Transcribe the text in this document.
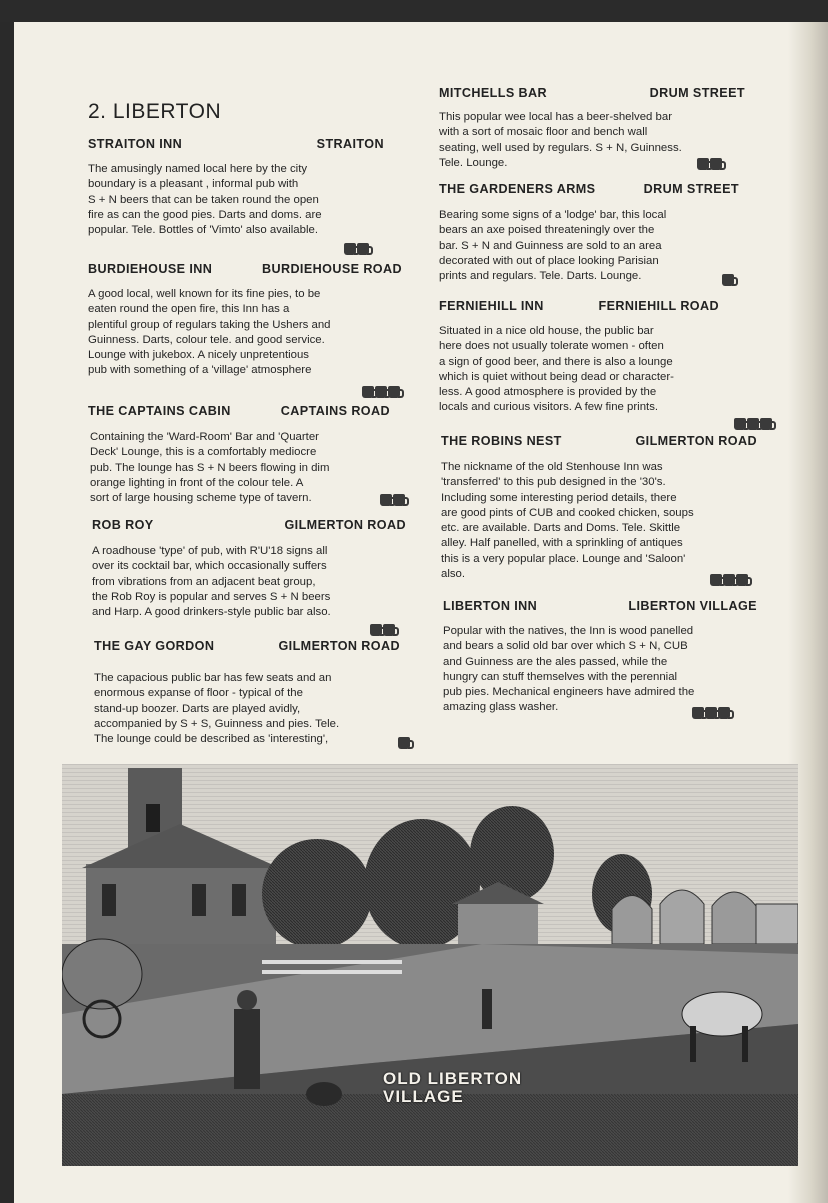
2. LIBERTON
STRAITON INN	STRAITON
The amusingly named local here by the city
boundary is a pleasant , informal pub with
S + N beers that can be taken round the open
fire as can the good pies. Darts and doms. are
popular. Tele. Bottles of 'Vimto' also available.
BURDIEHOUSE INN	BURDIEHOUSE ROAD
A good local, well known for its fine pies, to be
eaten round the open fire, this Inn has a
plentiful group of regulars taking the Ushers and
Guinness. Darts, colour tele. and good service.
Lounge with jukebox. A nicely unpretentious
pub with something of a 'village' atmosphere
THE CAPTAINS CABIN	CAPTAINS ROAD
Containing the 'Ward-Room' Bar and 'Quarter
Deck' Lounge, this is a comfortably mediocre
pub. The lounge has S + N beers flowing in dim
orange lighting in front of the colour tele. A
sort of large housing scheme type of tavern.
ROB ROY	GILMERTON ROAD
A roadhouse 'type' of pub, with R'U'18 signs all
over its cocktail bar, which occasionally suffers
from vibrations from an adjacent beat group,
the Rob Roy is popular and serves S + N beers
and Harp. A good drinkers-style public bar also.
THE GAY GORDON	GILMERTON ROAD
The capacious public bar has few seats and an
enormous expanse of floor - typical of the
stand-up boozer. Darts are played avidly,
accompanied by S + S, Guinness and pies. Tele.
The lounge could be described as 'interesting',
MITCHELLS BAR	DRUM STREET
This popular wee local has a beer-shelved bar
with a sort of mosaic floor and bench wall
seating, well used by regulars. S + N, Guinness.
Tele. Lounge.
THE GARDENERS ARMS	DRUM STREET
Bearing some signs of a 'lodge' bar, this local
bears an axe poised threateningly over the
bar. S + N and Guinness are sold to an area
decorated with out of place looking Parisian
prints and regulars. Tele. Darts. Lounge.
FERNIEHILL INN	FERNIEHILL ROAD
Situated in a nice old house, the public bar
here does not usually tolerate women - often
a sign of good beer, and there is also a lounge
which is quiet without being dead or character-
less. A good atmosphere is provided by the
locals and curious visitors. A few fine prints.
THE ROBINS NEST	GILMERTON ROAD
The nickname of the old Stenhouse Inn was
'transferred' to this pub designed in the '30's.
Including some interesting period details, there
are good pints of CUB and cooked chicken, soups
etc. are available. Darts and Doms. Tele. Skittle
alley. Half panelled, with a sprinkling of antiques
this is a very popular place. Lounge and 'Saloon'
also.
LIBERTON INN	LIBERTON VILLAGE
Popular with the natives, the Inn is wood panelled
and bears a solid old bar over which S + N, CUB
and Guinness are the ales passed, while the
hungry can stuff themselves with the perennial
pub pies. Mechanical engineers have admired the
amazing glass washer.
OLD LIBERTON
VILLAGE
